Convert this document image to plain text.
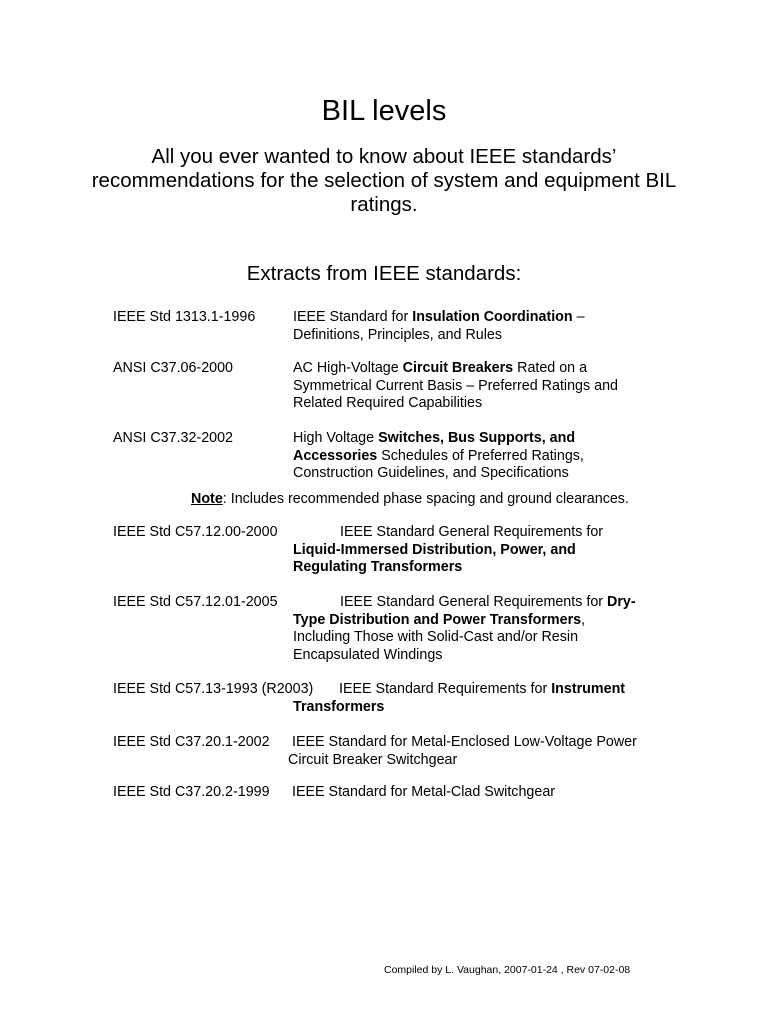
BIL levels
All you ever wanted to know about IEEE standards’ recommendations for the selection of system and equipment BIL ratings.
Extracts from IEEE standards:
IEEE Std 1313.1-1996	IEEE Standard for Insulation Coordination –
Definitions, Principles, and Rules
ANSI C37.06-2000	AC High-Voltage Circuit Breakers Rated on a
Symmetrical Current Basis – Preferred Ratings and
Related Required Capabilities
ANSI C37.32-2002	High Voltage Switches, Bus Supports, and
Accessories Schedules of Preferred Ratings,
Construction Guidelines, and Specifications
Note: Includes recommended phase spacing and ground clearances.
IEEE Std C57.12.00-2000	IEEE Standard General Requirements for
Liquid-Immersed Distribution, Power, and
Regulating Transformers
IEEE Std C57.12.01-2005	IEEE Standard General Requirements for Dry-
Type Distribution and Power Transformers,
Including Those with Solid-Cast and/or Resin
Encapsulated Windings
IEEE Std C57.13-1993 (R2003) IEEE Standard Requirements for Instrument
Transformers
IEEE Std C37.20.1-2002 IEEE Standard for Metal-Enclosed Low-Voltage Power
Circuit Breaker Switchgear
IEEE Std C37.20.2-1999 IEEE Standard for Metal-Clad Switchgear
Compiled by L. Vaughan, 2007-01-24 , Rev 07-02-08
